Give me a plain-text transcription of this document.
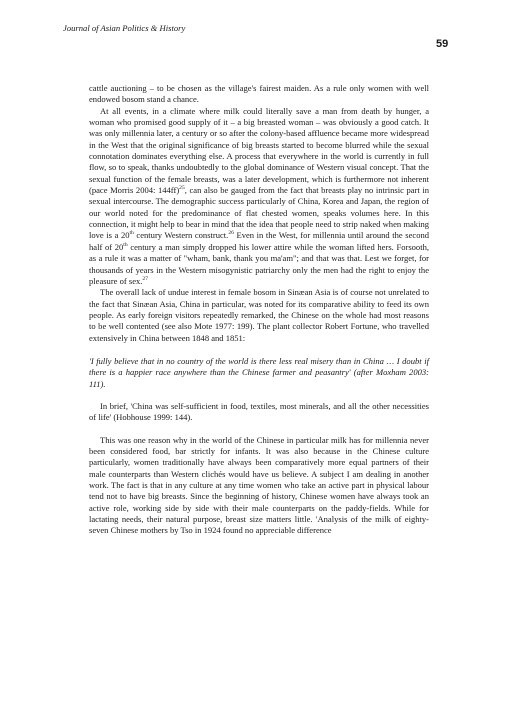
Journal of Asian Politics & History
59

cattle auctioning – to be chosen as the village's fairest maiden. As a rule only women with well endowed bosom stand a chance.

At all events, in a climate where milk could literally save a man from death by hunger, a woman who promised good supply of it – a big breasted woman – was obviously a good catch. It was only millennia later, a century or so after the colony-based affluence became more widespread in the West that the original significance of big breasts started to become blurred while the sexual connotation dominates everything else. A process that everywhere in the world is currently in full flow, so to speak, thanks undoubtedly to the global dominance of Western visual concept. That the sexual function of the female breasts, was a later development, which is furthermore not inherent (pace Morris 2004: 144ff)$^{25}$, can also be gauged from the fact that breasts play no intrinsic part in sexual intercourse. The demographic success particularly of China, Korea and Japan, the region of our world noted for the predominance of flat chested women, speaks volumes here. In this connection, it might help to bear in mind that the idea that people need to strip naked when making love is a 20th century Western construct.$^{26}$ Even in the West, for millennia until around the second half of 20th century a man simply dropped his lower attire while the woman lifted hers. Forsooth, as a rule it was a matter of "wham, bank, thank you ma'am"; and that was that. Lest we forget, for thousands of years in the Western misogynistic patriarchy only the men had the right to enjoy the pleasure of sex.$^{27}$

The overall lack of undue interest in female bosom in Sinæan Asia is of course not unrelated to the fact that Sinæan Asia, China in particular, was noted for its comparative ability to feed its own people. As early foreign visitors repeatedly remarked, the Chinese on the whole had most reasons to be well contented (see also Mote 1977: 199). The plant collector Robert Fortune, who travelled extensively in China between 1848 and 1851:

'I fully believe that in no country of the world is there less real misery than in China … I doubt if there is a happier race anywhere than the Chinese farmer and peasantry' (after Moxham 2003: 111).

In brief, 'China was self-sufficient in food, textiles, most minerals, and all the other necessities of life' (Hobhouse 1999: 144).

This was one reason why in the world of the Chinese in particular milk has for millennia never been considered food, bar strictly for infants. It was also because in the Chinese culture particularly, women traditionally have always been comparatively more equal partners of their male counterparts than Western clichés would have us believe. A subject I am dealing in another work. The fact is that in any culture at any time women who take an active part in physical labour tend not to have big breasts. Since the beginning of history, Chinese women have always took an active role, working side by side with their male counterparts on the paddy-fields. While for lactating needs, their natural purpose, breast size matters little. 'Analysis of the milk of eighty-seven Chinese mothers by Tso in 1924 found no appreciable difference
